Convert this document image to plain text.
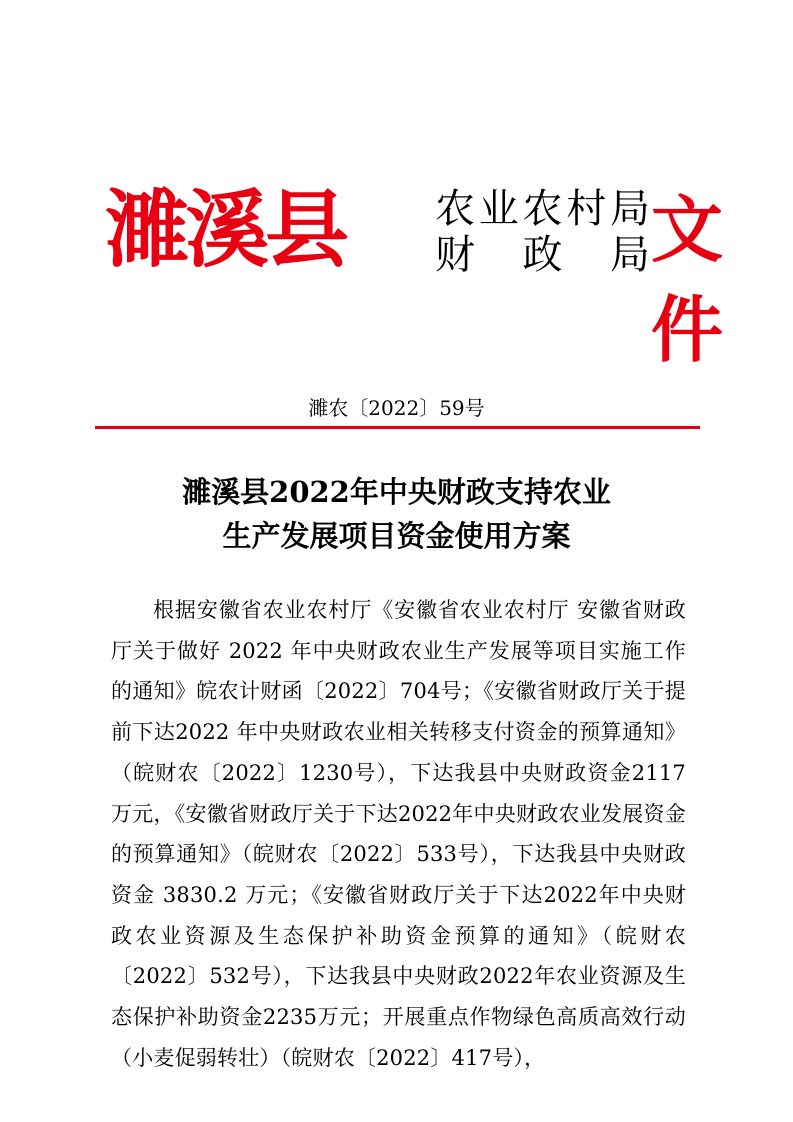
濉溪县 农 业 农 村 局
财 政 局 文件
濉农〔2022〕59号
濉溪县2022年中央财政支持农业
生产发展项目资金使用方案
根据安徽省农业农村厅《安徽省农业农村厅 安徽省财政厅关于做好 2022 年中央财政农业生产发展等项目实施工作的通知》皖农计财函〔2022〕704号；《安徽省财政厅关于提前下达2022 年中央财政农业相关转移支付资金的预算通知》（皖财农〔2022〕1230号），下达我县中央财政资金2117万元，《安徽省财政厅关于下达2022年中央财政农业发展资金的预算通知》（皖财农〔2022〕533号），下达我县中央财政资金 3830.2 万元；《安徽省财政厅关于下达2022年中央财政农业资源及生态保护补助资金预算的通知》（皖财农〔2022〕532号），下达我县中央财政2022年农业资源及生态保护补助资金2235万元；开展重点作物绿色高质高效行动（小麦促弱转壮）（皖财农〔2022〕417号），
